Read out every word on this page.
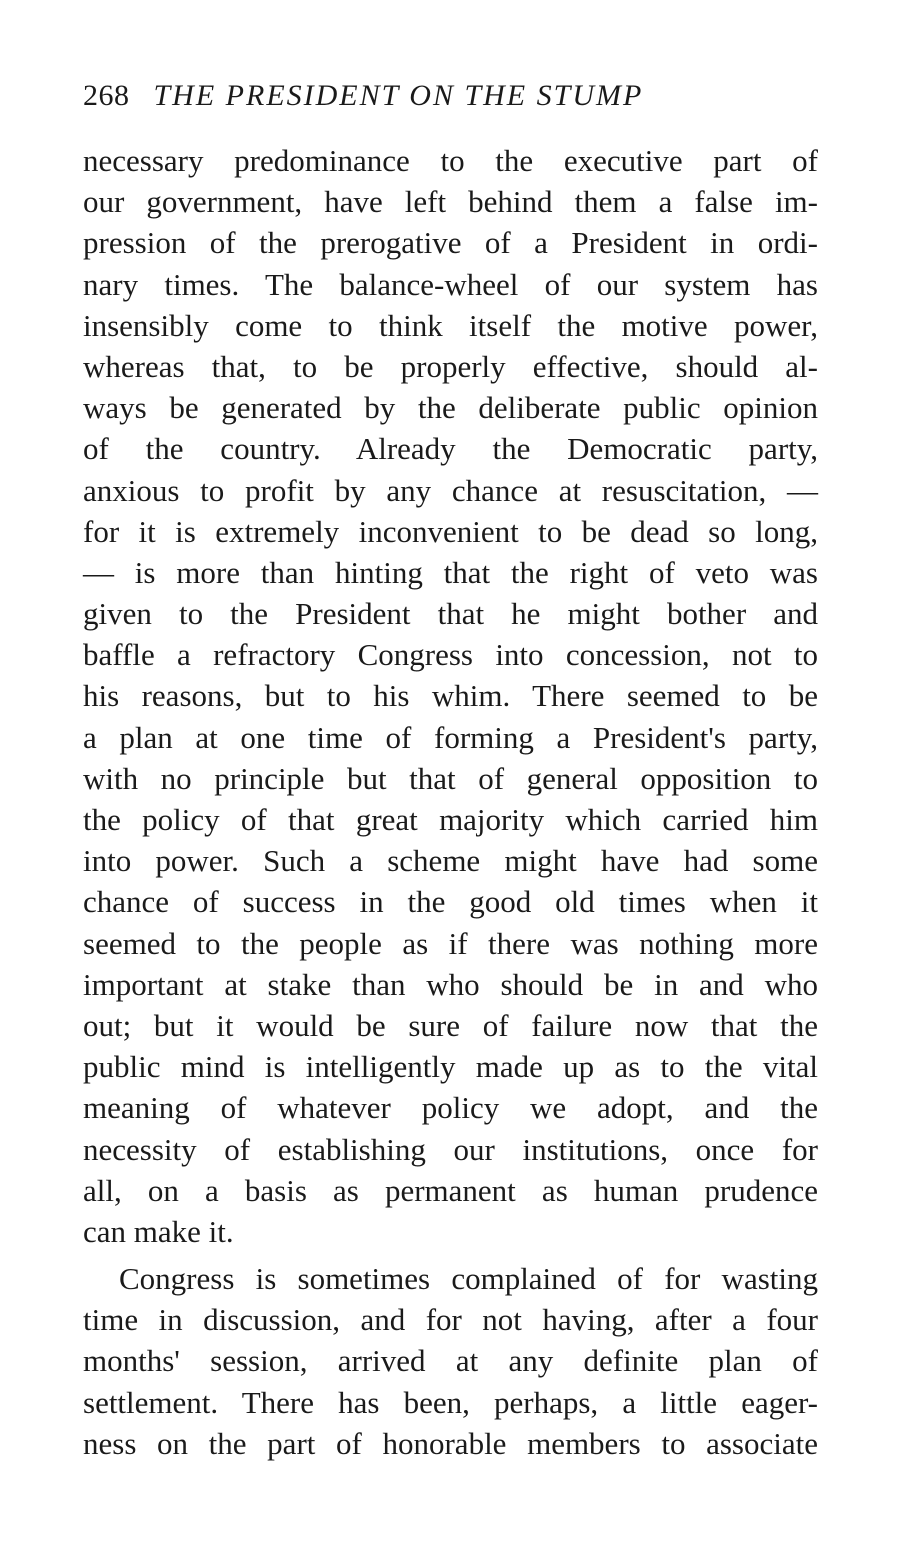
268 THE PRESIDENT ON THE STUMP
necessary predominance to the executive part of
our government, have left behind them a false im-
pression of the prerogative of a President in ordi-
nary times. The balance-wheel of our system has
insensibly come to think itself the motive power,
whereas that, to be properly effective, should al-
ways be generated by the deliberate public opinion
of the country. Already the Democratic party,
anxious to profit by any chance at resuscitation, —
for it is extremely inconvenient to be dead so long,
— is more than hinting that the right of veto was
given to the President that he might bother and
baffle a refractory Congress into concession, not to
his reasons, but to his whim. There seemed to be
a plan at one time of forming a President's party,
with no principle but that of general opposition to
the policy of that great majority which carried him
into power. Such a scheme might have had some
chance of success in the good old times when it
seemed to the people as if there was nothing more
important at stake than who should be in and who
out; but it would be sure of failure now that the
public mind is intelligently made up as to the vital
meaning of whatever policy we adopt, and the
necessity of establishing our institutions, once for
all, on a basis as permanent as human prudence
can make it.
Congress is sometimes complained of for wasting
time in discussion, and for not having, after a four
months' session, arrived at any definite plan of
settlement. There has been, perhaps, a little eager-
ness on the part of honorable members to associate
